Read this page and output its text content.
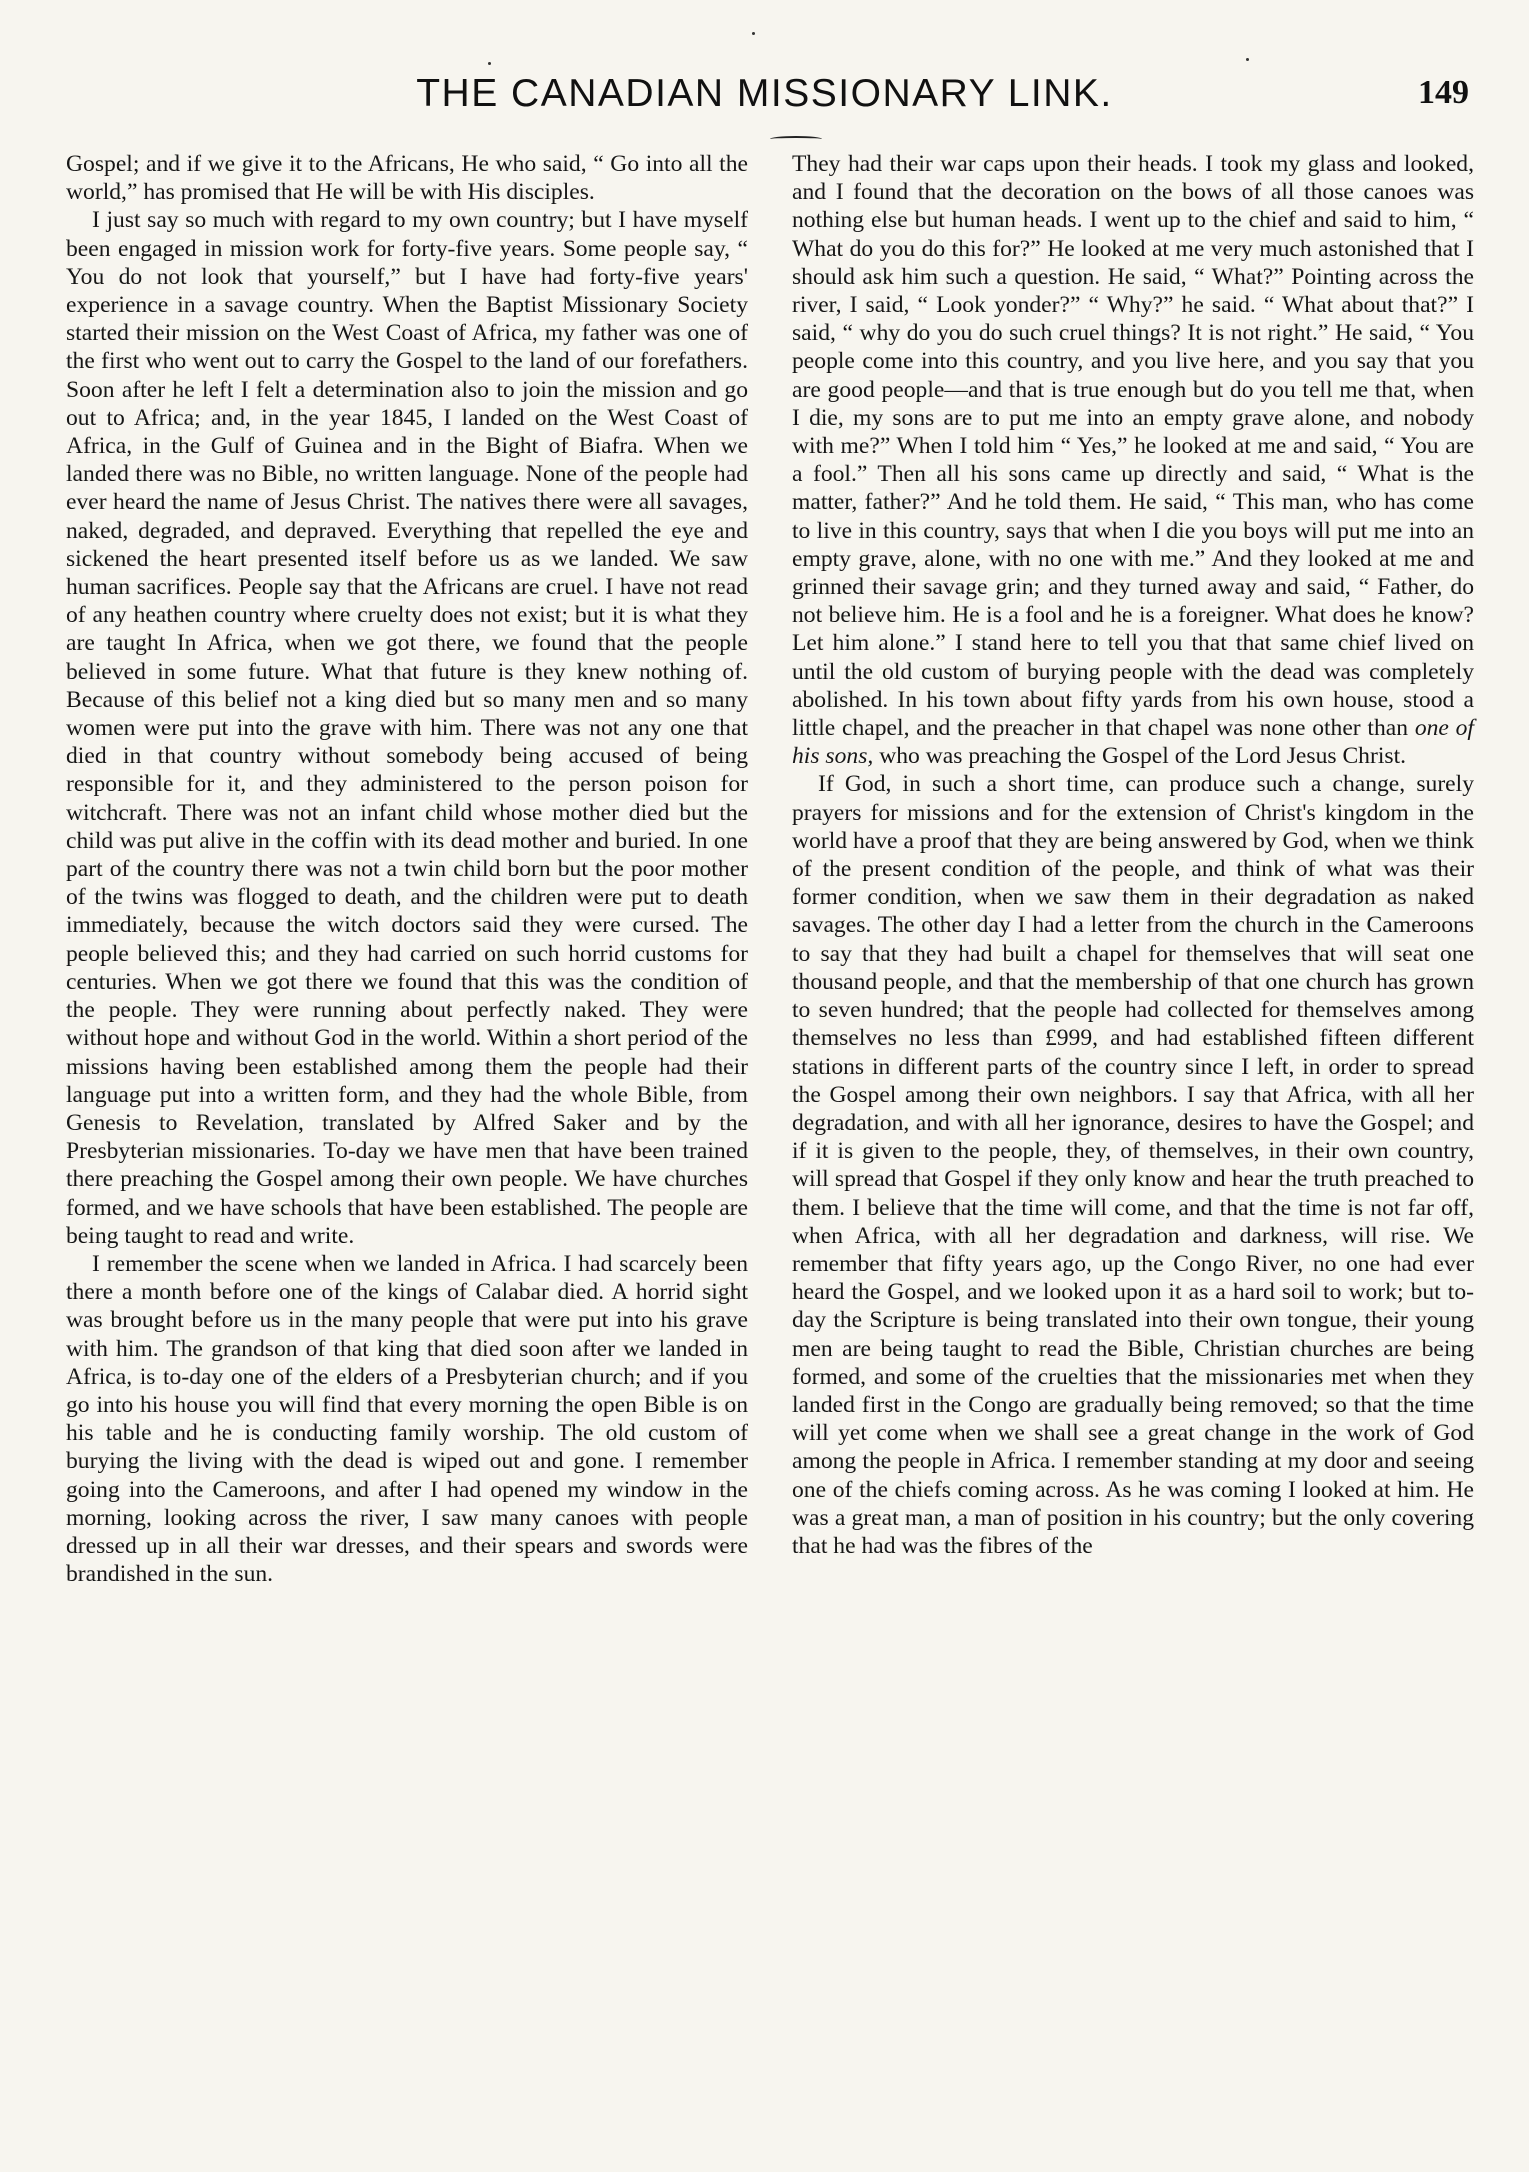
THE CANADIAN MISSIONARY LINK.	149

Gospel; and if we give it to the Africans, He who said, “ Go into all the world,” has promised that He will be with His disciples.

I just say so much with regard to my own country; but I have myself been engaged in mission work for forty-five years. Some people say, “ You do not look that yourself,” but I have had forty-five years' experience in a savage country. When the Baptist Missionary Society started their mission on the West Coast of Africa, my father was one of the first who went out to carry the Gospel to the land of our forefathers. Soon after he left I felt a determination also to join the mission and go out to Africa; and, in the year 1845, I landed on the West Coast of Africa, in the Gulf of Guinea and in the Bight of Biafra. When we landed there was no Bible, no written language. None of the people had ever heard the name of Jesus Christ. The natives there were all savages, naked, degraded, and depraved. Everything that repelled the eye and sickened the heart presented itself before us as we landed. We saw human sacrifices. People say that the Africans are cruel. I have not read of any heathen country where cruelty does not exist; but it is what they are taught In Africa, when we got there, we found that the people believed in some future. What that future is they knew nothing of. Because of this belief not a king died but so many men and so many women were put into the grave with him. There was not any one that died in that country without somebody being accused of being responsible for it, and they administered to the person poison for witchcraft. There was not an infant child whose mother died but the child was put alive in the coffin with its dead mother and buried. In one part of the country there was not a twin child born but the poor mother of the twins was flogged to death, and the children were put to death immediately, because the witch doctors said they were cursed. The people believed this; and they had carried on such horrid customs for centuries. When we got there we found that this was the condition of the people. They were running about perfectly naked. They were without hope and without God in the world. Within a short period of the missions having been established among them the people had their language put into a written form, and they had the whole Bible, from Genesis to Revelation, translated by Alfred Saker and by the Presbyterian missionaries. To-day we have men that have been trained there preaching the Gospel among their own people. We have churches formed, and we have schools that have been established. The people are being taught to read and write.

I remember the scene when we landed in Africa. I had scarcely been there a month before one of the kings of Calabar died. A horrid sight was brought before us in the many people that were put into his grave with him. The grandson of that king that died soon after we landed in Africa, is to-day one of the elders of a Presbyterian church; and if you go into his house you will find that every morning the open Bible is on his table and he is conducting family worship. The old custom of burying the living with the dead is wiped out and gone. I remember going into the Cameroons, and after I had opened my window in the morning, looking across the river, I saw many canoes with people dressed up in all their war dresses, and their spears and swords were brandished in the sun.

They had their war caps upon their heads. I took my glass and looked, and I found that the decoration on the bows of all those canoes was nothing else but human heads. I went up to the chief and said to him, “ What do you do this for?” He looked at me very much astonished that I should ask him such a question. He said, “ What?” Pointing across the river, I said, “ Look yonder?” “ Why?” he said. “ What about that?” I said, “ why do you do such cruel things? It is not right.” He said, “ You people come into this country, and you live here, and you say that you are good people—and that is true enough but do you tell me that, when I die, my sons are to put me into an empty grave alone, and nobody with me?” When I told him “ Yes,” he looked at me and said, “ You are a fool.” Then all his sons came up directly and said, “ What is the matter, father?” And he told them. He said, “ This man, who has come to live in this country, says that when I die you boys will put me into an empty grave, alone, with no one with me.” And they looked at me and grinned their savage grin; and they turned away and said, “ Father, do not believe him. He is a fool and he is a foreigner. What does he know? Let him alone.” I stand here to tell you that that same chief lived on until the old custom of burying people with the dead was completely abolished. In his town about fifty yards from his own house, stood a little chapel, and the preacher in that chapel was none other than one of his sons, who was preaching the Gospel of the Lord Jesus Christ.

If God, in such a short time, can produce such a change, surely prayers for missions and for the extension of Christ's kingdom in the world have a proof that they are being answered by God, when we think of the present condition of the people, and think of what was their former condition, when we saw them in their degradation as naked savages. The other day I had a letter from the church in the Cameroons to say that they had built a chapel for themselves that will seat one thousand people, and that the membership of that one church has grown to seven hundred; that the people had collected for themselves among themselves no less than £999, and had established fifteen different stations in different parts of the country since I left, in order to spread the Gospel among their own neighbors. I say that Africa, with all her degradation, and with all her ignorance, desires to have the Gospel; and if it is given to the people, they, of themselves, in their own country, will spread that Gospel if they only know and hear the truth preached to them. I believe that the time will come, and that the time is not far off, when Africa, with all her degradation and darkness, will rise. We remember that fifty years ago, up the Congo River, no one had ever heard the Gospel, and we looked upon it as a hard soil to work; but to-day the Scripture is being translated into their own tongue, their young men are being taught to read the Bible, Christian churches are being formed, and some of the cruelties that the missionaries met when they landed first in the Congo are gradually being removed; so that the time will yet come when we shall see a great change in the work of God among the people in Africa. I remember standing at my door and seeing one of the chiefs coming across. As he was coming I looked at him. He was a great man, a man of position in his country; but the only covering that he had was the fibres of the
